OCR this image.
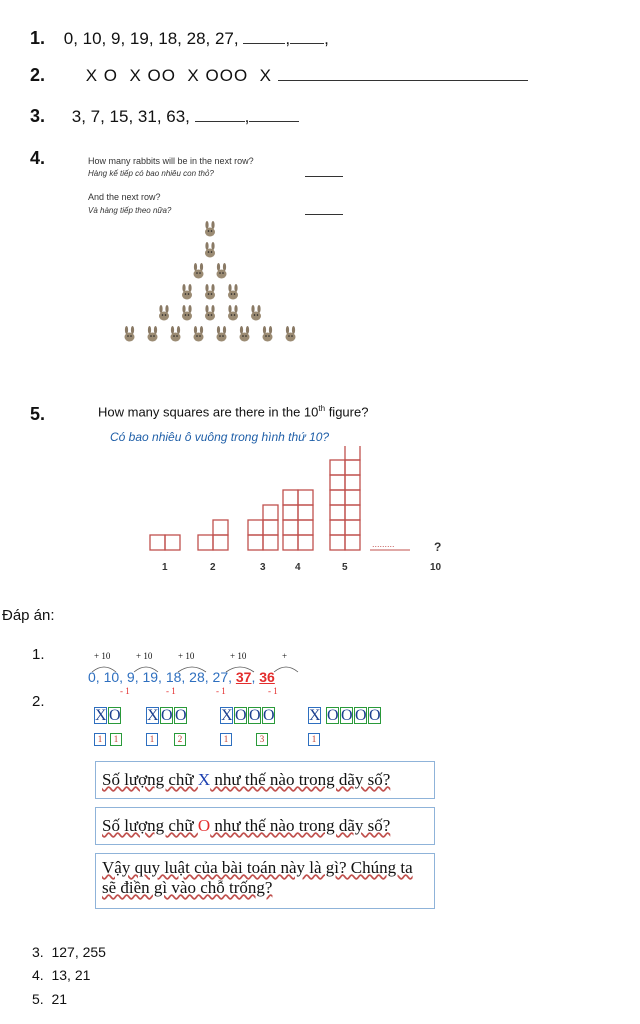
1. 0, 10, 9, 19, 18, 28, 27, , ,
2. X O  X OO  X OOO  X
3. 3, 7, 15, 31, 63,	,
4.	How many rabbits will be in the next row?
Hàng kế tiếp có bao nhiêu con thỏ?
And the next row?
Và hàng tiếp theo nữa?
5.	How many squares are there in the 10th figure?
Có bao nhiêu ô vuông trong hình thứ 10?
1	2	3	4	5
.........	?
10
Đáp án:
1.	+ 10	+ 10	+ 10	+ 10	+
0, 10, 9, 19, 18, 28, 27, 37, 36
- 1	- 1	- 1	- 1
2.
X O
1 1
X O O
1	2
X O O O
1	3
X O O O O
1
Số lượng chữ X như thế nào trong dãy số?
Số lượng chữ O như thế nào trong dãy số?
Vậy quy luật của bài toán này là gì? Chúng ta sẽ điền gì vào chỗ trống?
3. 127, 255
4. 13, 21
5. 21
